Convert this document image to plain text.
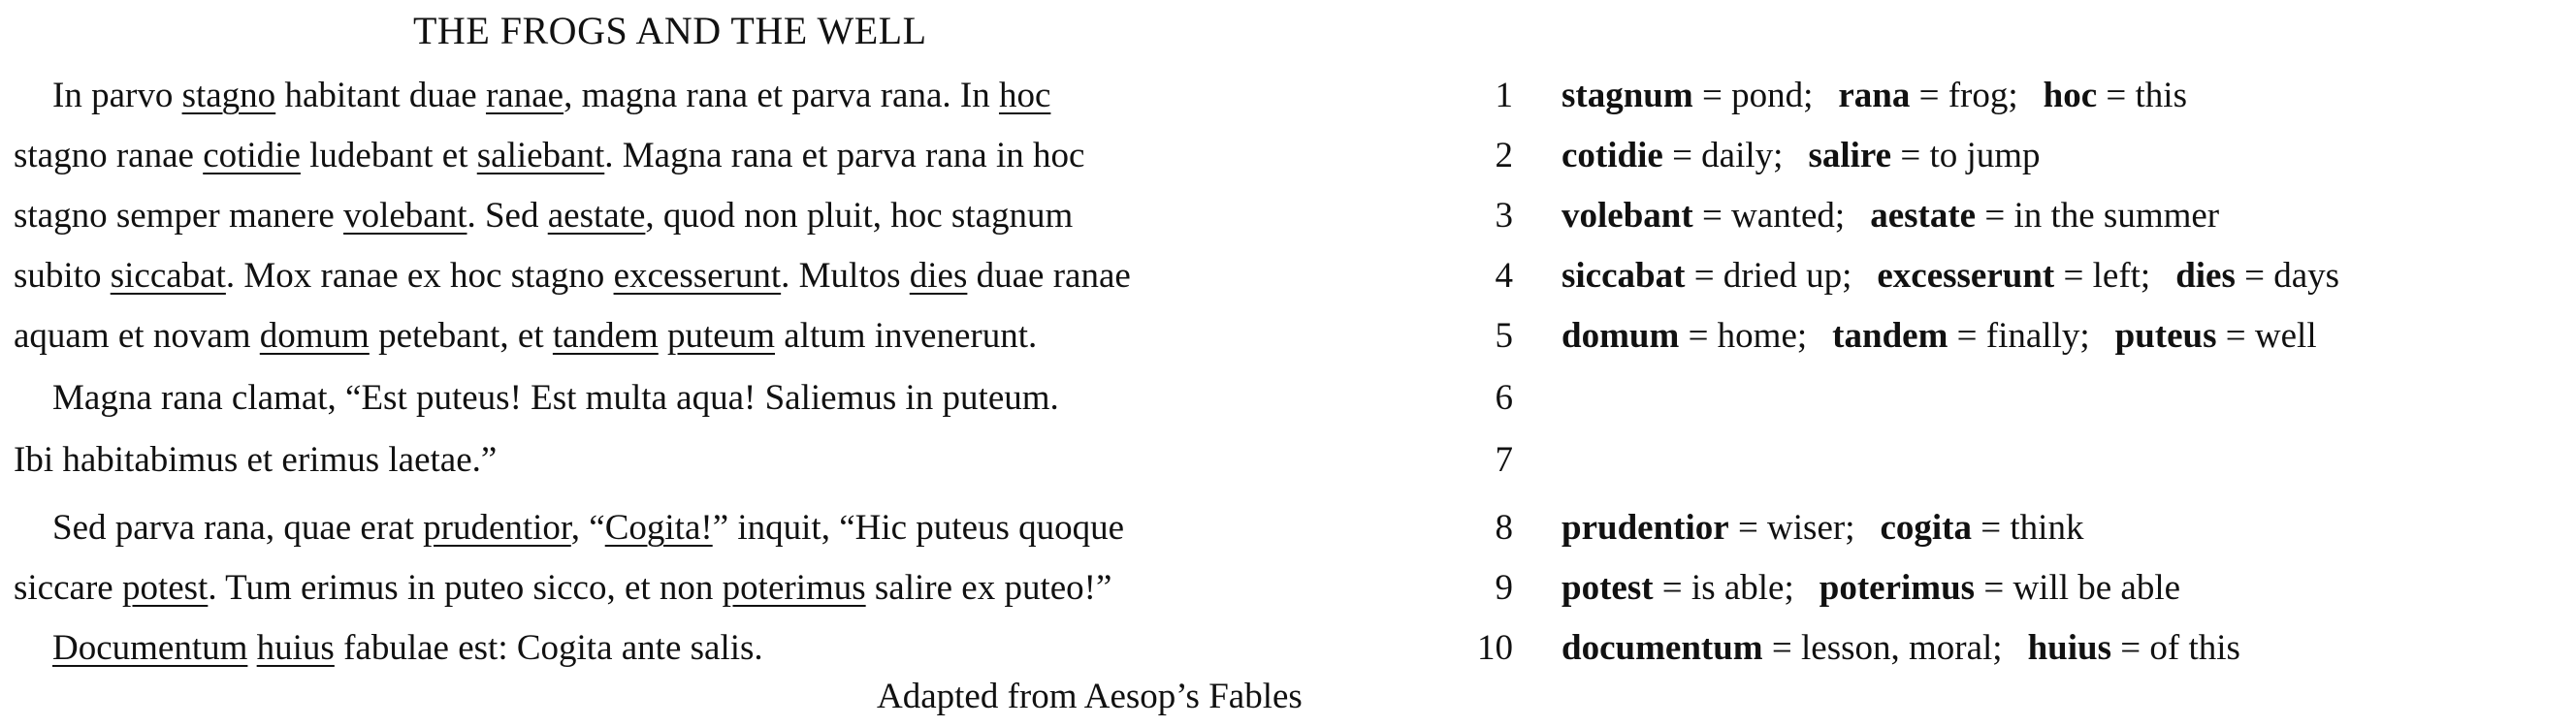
THE FROGS AND THE WELL
In parvo stagno habitant duae ranae, magna rana et parva rana. In hoc
stagno ranae cotidie ludebant et saliebant. Magna rana et parva rana in hoc
stagno semper manere volebant. Sed aestate, quod non pluit, hoc stagnum
subito siccabat. Mox ranae ex hoc stagno excesserunt. Multos dies duae ranae
aquam et novam domum petebant, et tandem puteum altum invenerunt.
Magna rana clamat, “Est puteus! Est multa aqua! Saliemus in puteum.
Ibi habitabimus et erimus laetae.”
Sed parva rana, quae erat prudentior, “Cogita!” inquit, “Hic puteus quoque
siccare potest. Tum erimus in puteo sicco, et non poterimus salire ex puteo!”
Documentum huius fabulae est: Cogita ante salis.
1
2
3
4
5
6
7
8
9
10
stagnum = pond; rana = frog; hoc = this
cotidie = daily; salire = to jump
volebant = wanted; aestate = in the summer
siccabat = dried up; excesserunt = left; dies = days
domum = home; tandem = finally; puteus = well
prudentior = wiser; cogita = think
potest = is able; poterimus = will be able
documentum = lesson, moral; huius = of this
Adapted from Aesop’s Fables
